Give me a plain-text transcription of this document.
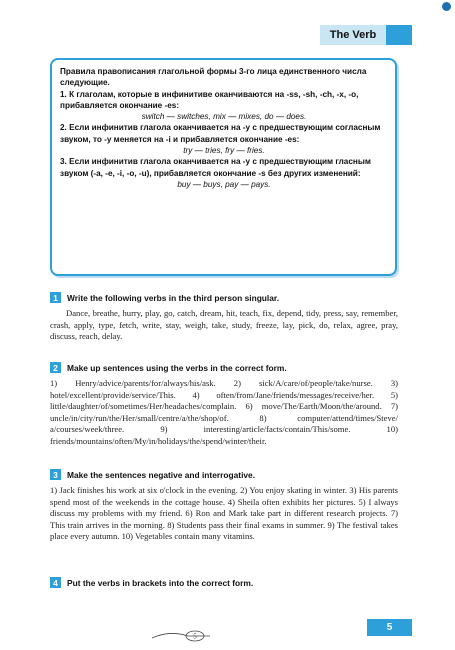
The Verb

Правила правописания глагольной формы 3-го лица единственного числа следующие.

1. К глаголам, которые в инфинитиве оканчиваются на -ss, -sh, -ch, -x, -o, прибавляется окончание -es:

switch — switches, mix — mixes, do — does.

2. Если инфинитив глагола оканчивается на -y с предшествующим согласным звуком, то -y меняется на -i и прибавляется окончание -es:

try — tries, fry — fries.

3. Если инфинитив глагола оканчивается на -y с предшествующим гласным звуком (-a, -e, -i, -o, -u), прибавляется окончание -s без других изменений:

buy — buys, pay — pays.

1	Write the following verbs in the third person singular.

Dance, breathe, hurry, play, go, catch, dream, hit, teach, fix, depend, tidy, press, say, remember, crash, apply, type, fetch, write, stay, weigh, take, study, freeze, lay, pick, do, relax, agree, pray, discuss, reach, delay.

2	Make up sentences using the verbs in the correct form.

1) Henry/advice/parents/for/always/his/ask. 2) sick/A/care/of/people/take/nurse. 3) hotel/excellent/provide/service/This. 4) often/from/Jane/friends/messages/receive/her. 5) little/daughter/of/sometimes/Her/headaches/complain. 6) move/The/Earth/Moon/the/around. 7) uncle/in/city/run/the/Her/small/centre/a/the/shop/of. 8) computer/attend/times/Steve/ a/courses/week/three. 9) interesting/article/facts/contain/This/some. 10) friends/mountains/often/My/in/holidays/the/spend/winter/their.

3	Make the sentences negative and interrogative.

1) Jack finishes his work at six o'clock in the evening. 2) You enjoy skating in winter. 3) His parents spend most of the weekends in the cottage house. 4) Sheila often exhibits her pictures. 5) I always discuss my problems with my friend. 6) Ron and Mark take part in different research projects. 7) This train arrives in the morning. 8) Students pass their final exams in summer. 9) The festival takes place every autumn. 10) Vegetables contain many vitamins.

4	Put the verbs in brackets into the correct form.
5
5
